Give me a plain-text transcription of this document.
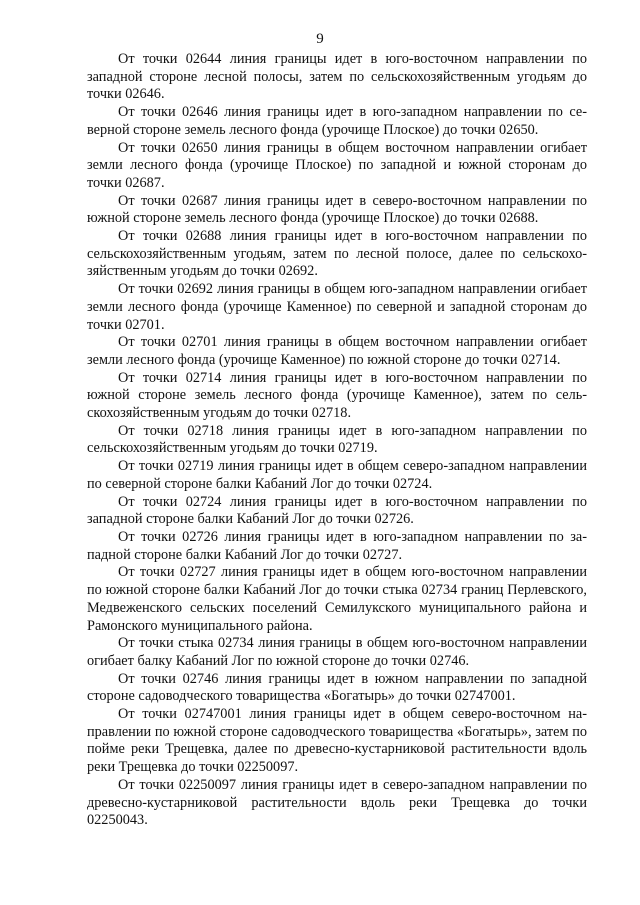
9

От точки 02644 линия границы идет в юго-восточном направлении по западной стороне лесной полосы, затем по сельскохозяйственным угодьям до точки 02646.

От точки 02646 линия границы идет в юго-западном направлении по северной стороне земель лесного фонда (урочище Плоское) до точки 02650.

От точки 02650 линия границы в общем восточном направлении огибает земли лесного фонда (урочище Плоское) по западной и южной сторонам до точки 02687.

От точки 02687 линия границы идет в северо-восточном направлении по южной стороне земель лесного фонда (урочище Плоское) до точки 02688.

От точки 02688 линия границы идет в юго-восточном направлении по сельскохозяйственным угодьям, затем по лесной полосе, далее по сельскохозяйственным угодьям до точки 02692.

От точки 02692 линия границы в общем юго-западном направлении огибает земли лесного фонда (урочище Каменное) по северной и западной сторонам до точки 02701.

От точки 02701 линия границы в общем восточном направлении огибает земли лесного фонда (урочище Каменное) по южной стороне до точки 02714.

От точки 02714 линия границы идет в юго-восточном направлении по южной стороне земель лесного фонда (урочище Каменное), затем по сельскохозяйственным угодьям до точки 02718.

От точки 02718 линия границы идет в юго-западном направлении по сельскохозяйственным угодьям до точки 02719.

От точки 02719 линия границы идет в общем северо-западном направлении по северной стороне балки Кабаний Лог до точки 02724.

От точки 02724 линия границы идет в юго-восточном направлении по западной стороне балки Кабаний Лог до точки 02726.

От точки 02726 линия границы идет в юго-западном направлении по западной стороне балки Кабаний Лог до точки 02727.

От точки 02727 линия границы идет в общем юго-восточном направлении по южной стороне балки Кабаний Лог до точки стыка 02734 границ Перлевского, Медвеженского сельских поселений Семилукского муниципального района и Рамонского муниципального района.

От точки стыка 02734 линия границы в общем юго-восточном направлении огибает балку Кабаний Лог по южной стороне до точки 02746.

От точки 02746 линия границы идет в южном направлении по западной стороне садоводческого товарищества «Богатырь» до точки 02747001.

От точки 02747001 линия границы идет в общем северо-восточном направлении по южной стороне садоводческого товарищества «Богатырь», затем по пойме реки Трещевка, далее по древесно-кустарниковой растительности вдоль реки Трещевка до точки 02250097.

От точки 02250097 линия границы идет в северо-западном направлении по древесно-кустарниковой растительности вдоль реки Трещевка до точки 02250043.
